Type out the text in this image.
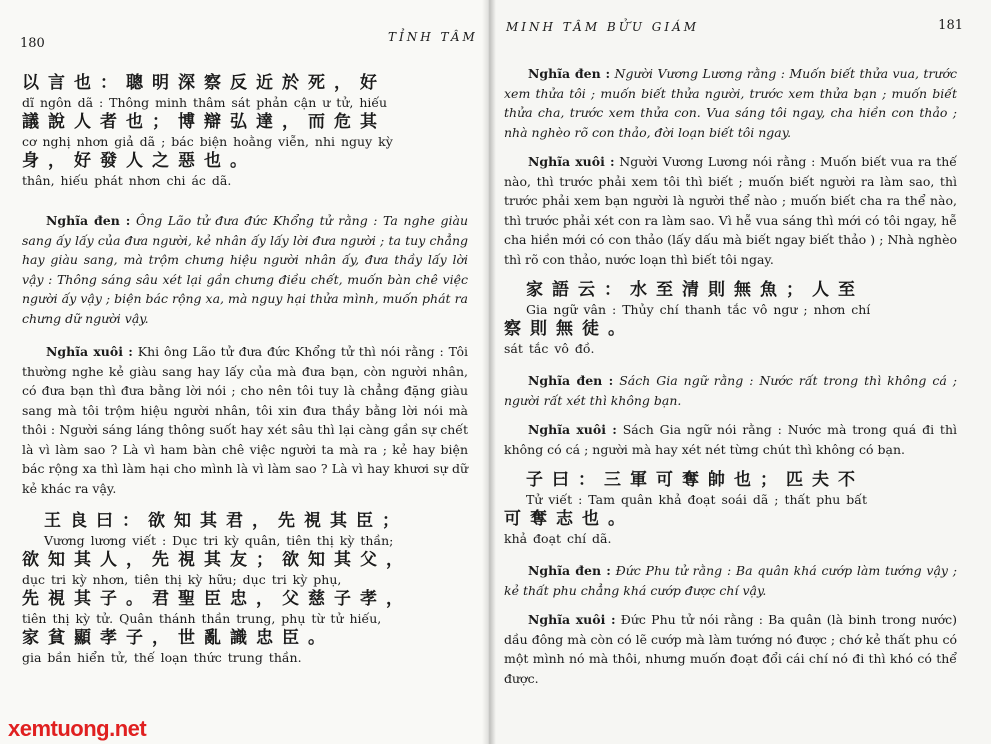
180	TỈNH TÂM
以言也：聰明深察反近於死，好
dĩ ngôn dã : Thông minh thâm sát phản cận ư tử, hiếu
議說人者也；博辯弘達，而危其
cơ nghị nhơn giả dã ; bác biện hoằng viễn, nhi nguy kỳ
身，好發人之惡也。
thân, hiếu phát nhơn chi ác dã.

Nghĩa đen : Ông Lão tử đưa đức Khổng tử rằng : Ta nghe giàu sang ấy lấy của đưa người, kẻ nhân ấy lấy lời đưa người ; ta tuy chẳng hay giàu sang, mà trộm chưng hiệu người nhân ấy, đưa thầy lấy lời vậy : Thông sáng sâu xét lại gần chưng điều chết, muốn bàn chê việc người ấy vậy ; biện bác rộng xa, mà nguy hại thửa mình, muốn phát ra chưng dữ người vậy.

Nghĩa xuôi : Khi ông Lão tử đưa đức Khổng tử thì nói rằng : Tôi thường nghe kẻ giàu sang hay lấy của mà đưa bạn, còn người nhân, có đưa bạn thì đưa bằng lời nói ; cho nên tôi tuy là chẳng đặng giàu sang mà tôi trộm hiệu người nhân, tôi xin đưa thầy bằng lời nói mà thôi : Người sáng láng thông suốt hay xét sâu thì lại càng gần sự chết là vì làm sao ? Là vì ham bàn chê việc người ta mà ra ; kẻ hay biện bác rộng xa thì làm hại cho mình là vì làm sao ? Là vì hay khươi sự dữ kẻ khác ra vậy.

王良曰：欲知其君，先視其臣；
Vương lương viết : Dục tri kỳ quân, tiên thị kỳ thần;
欲知其人，先視其友；欲知其父，
dục tri kỳ nhơn, tiên thị kỳ hữu; dục tri kỳ phụ,
先視其子。君聖臣忠，父慈子孝，
tiên thị kỳ tử. Quân thánh thần trung, phụ từ tử hiếu,
家貧顯孝子，世亂識忠臣。
gia bần hiển tử, thế loạn thức trung thần.
MINH TÂM BỬU GIÁM	181

Nghĩa đen : Người Vương Lương rằng : Muốn biết thửa vua, trước xem thửa tôi ; muốn biết thửa người, trước xem thửa bạn ; muốn biết thửa cha, trước xem thửa con. Vua sáng tôi ngay, cha hiền con thảo ; nhà nghèo rõ con thảo, đời loạn biết tôi ngay.

Nghĩa xuôi : Người Vương Lương nói rằng : Muốn biết vua ra thế nào, thì trước phải xem tôi thì biết ; muốn biết người ra làm sao, thì trước phải xem bạn người là người thể nào ; muốn biết cha ra thể nào, thì trước phải xét con ra làm sao. Vì hễ vua sáng thì mới có tôi ngay, hễ cha hiền mới có con thảo (lấy dấu mà biết ngay biết thảo ) ; Nhà nghèo thì rõ con thảo, nước loạn thì biết tôi ngay.

家語云：水至清則無魚；人至
Gia ngữ vân : Thủy chí thanh tắc vô ngư ; nhơn chí
察則無徒。
sát tắc vô đồ.

Nghĩa đen : Sách Gia ngữ rằng : Nước rất trong thì không cá ; người rất xét thì không bạn.

Nghĩa xuôi : Sách Gia ngữ nói rằng : Nước mà trong quá đi thì không có cá ; người mà hay xét nét từng chút thì không có bạn.

子曰：三軍可奪帥也；匹夫不
Tử viết : Tam quân khả đoạt soái dã ; thất phu bất
可奪志也。
khả đoạt chí dã.

Nghĩa đen : Đức Phu tử rằng : Ba quân khá cướp làm tướng vậy ; kẻ thất phu chẳng khá cướp được chí vậy.

Nghĩa xuôi : Đức Phu tử nói rằng : Ba quân (là binh trong nước) dầu đông mà còn có lẽ cướp mà làm tướng nó được ; chớ kẻ thất phu có một mình nó mà thôi, nhưng muốn đoạt đổi cái chí nó đi thì khó có thể được.

xemtuong.net
